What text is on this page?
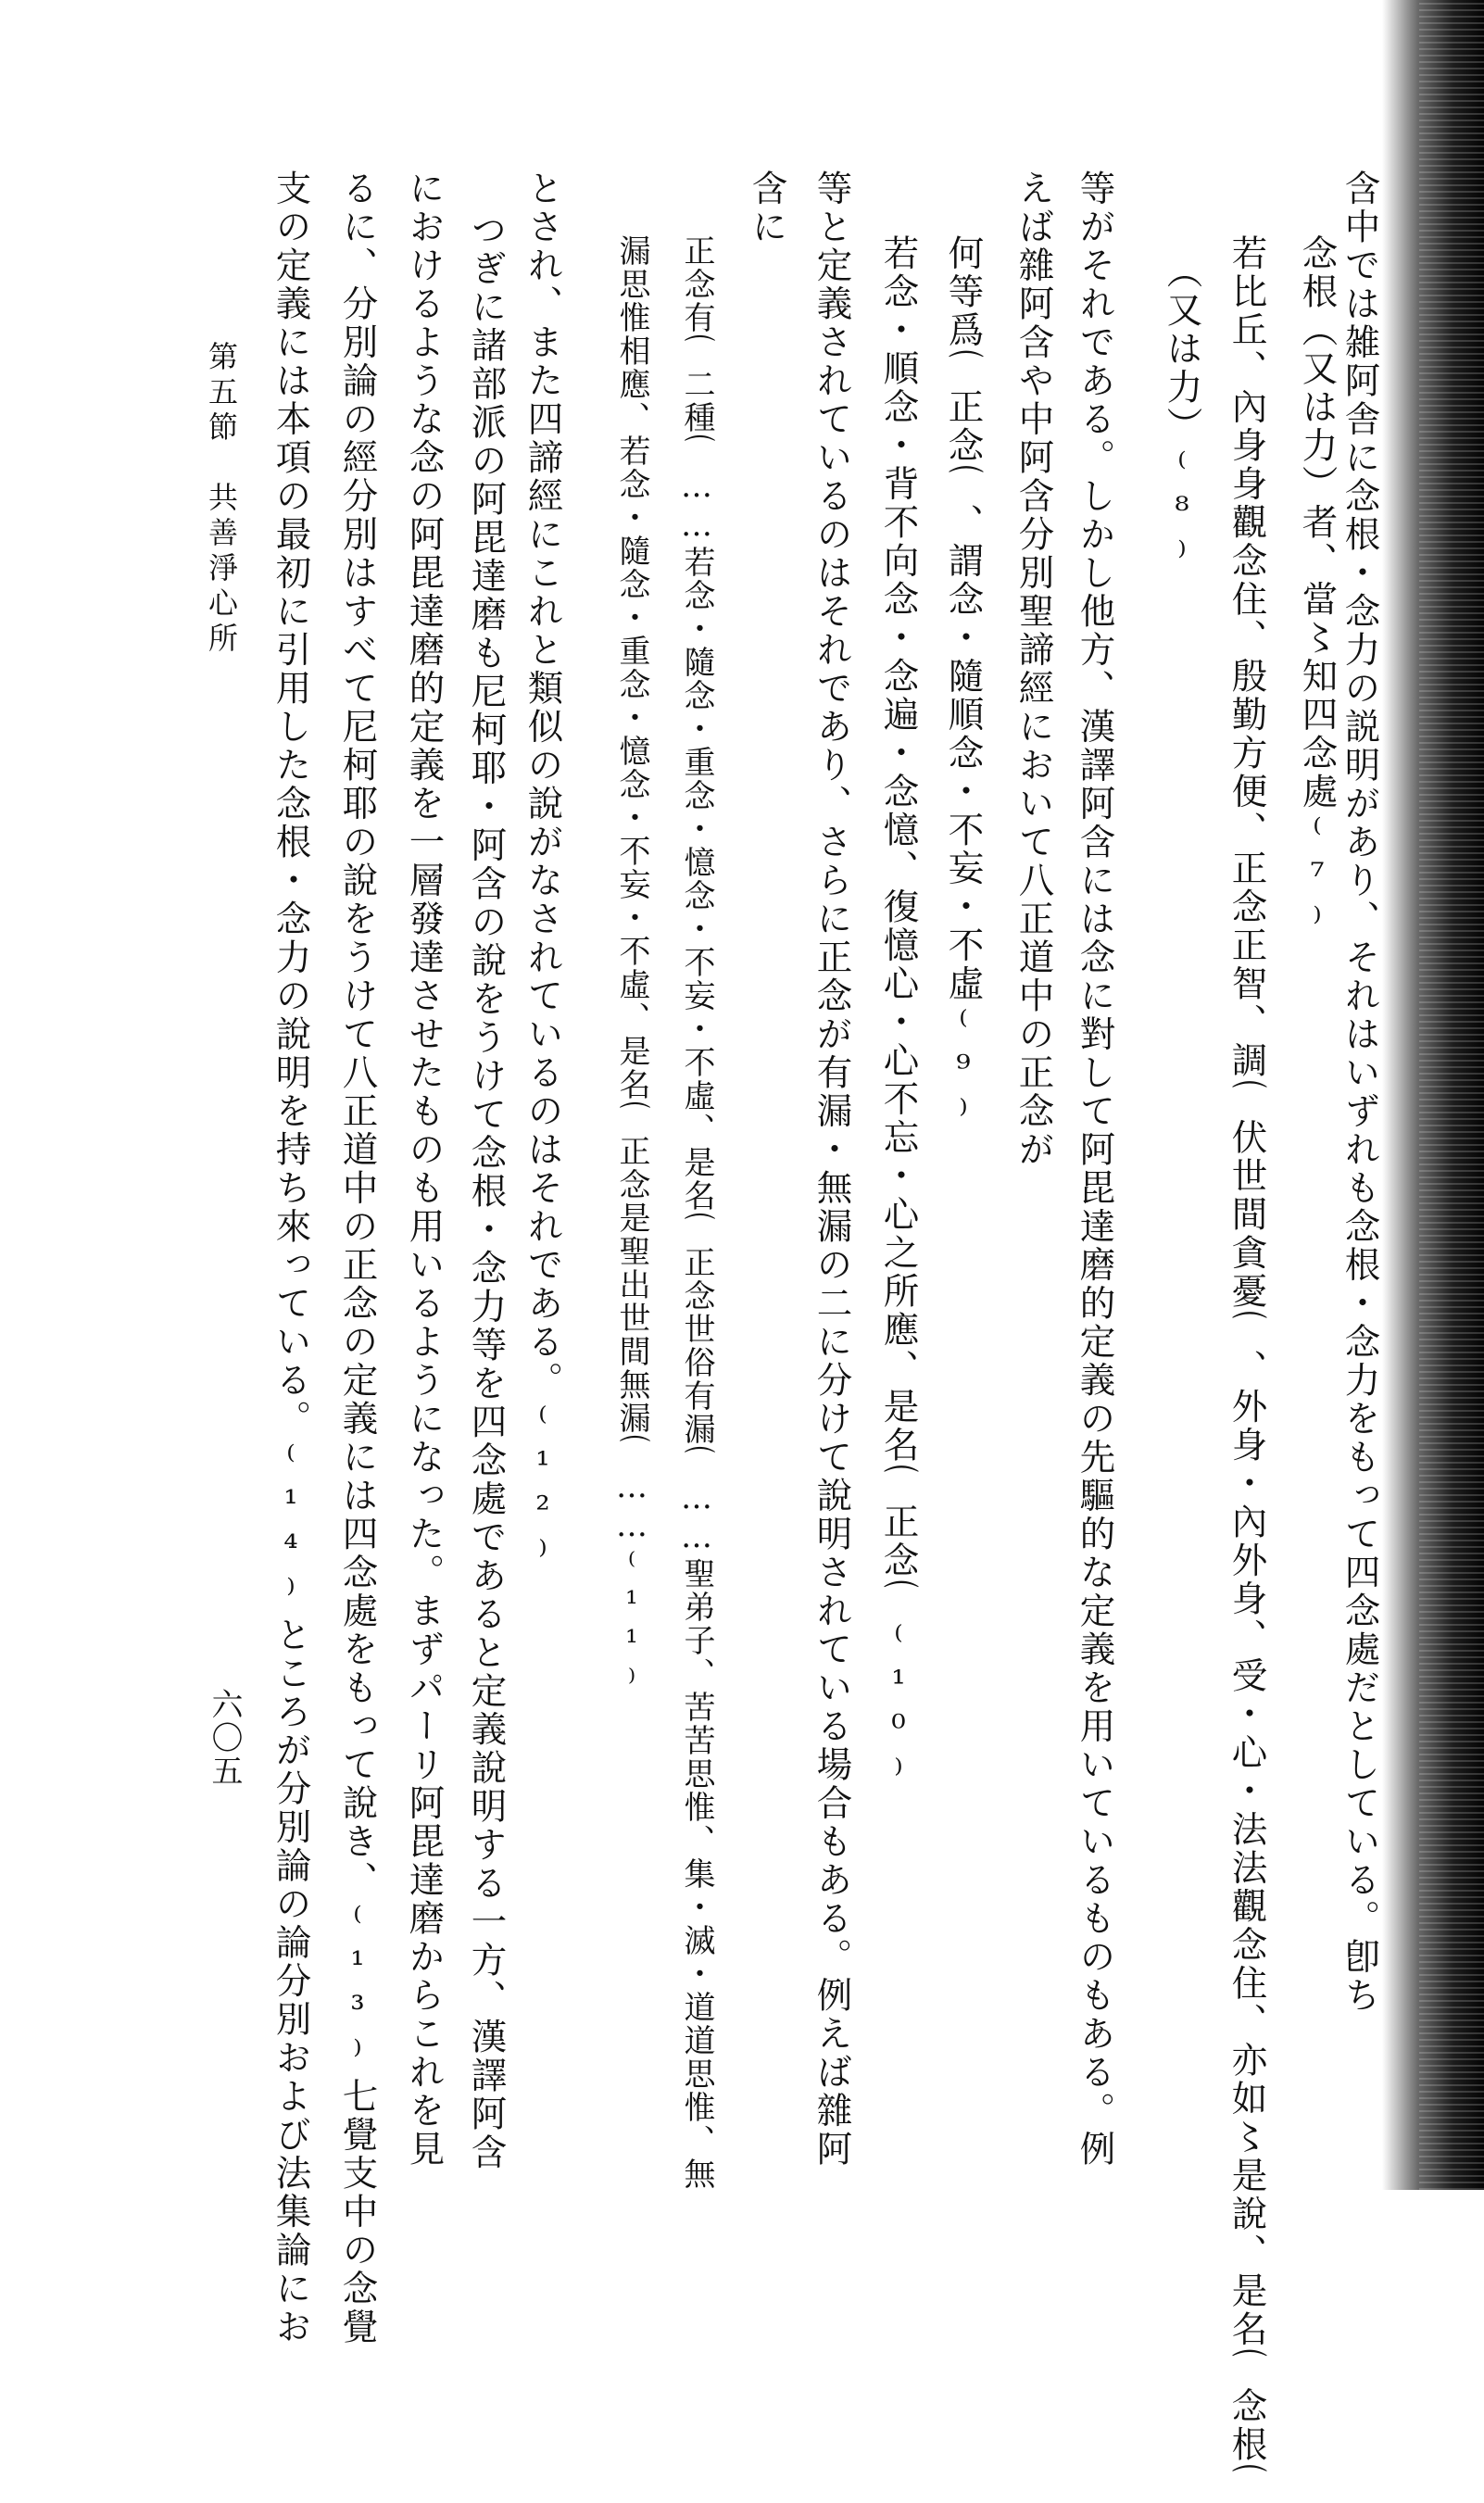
含中では雑阿舎に念根・念力の説明があり、それはいずれも念根・念力をもって四念處だとしている。卽ち
念根（又は力）者、當〻知四念處⁽⁷⁾
若比丘、內身身觀念住、殷勤方便、正念正智、調⌒伏世間貪憂⌒、外身・內外身、受・心・法法觀念住、亦如〻是說、是名⌒念根⌒
（又は力）⁽⁸⁾
等がそれである。しかし他方、漢譯阿含には念に對して阿毘達磨的定義の先驅的な定義を用いているものもある。例
えば雜阿含や中阿含分別聖諦經において八正道中の正念が
何等爲⌒正念⌒、謂念・隨順念・不妄・不虛⁽⁹⁾
若念・順念・背不向念・念遍・念憶、復憶心・心不忘・心之所應、是名⌒正念⌒⁽¹⁰⁾
等と定義されているのはそれであり、さらに正念が有漏・無漏の二に分けて說明されている場合もある。例えば雜阿
含に
正念有⌒二種⌒……若念・隨念・重念・憶念・不妄・不虛、是名⌒正念世俗有漏⌒……聖弟子、苦苦思惟、集・滅・道道思惟、無
漏思惟相應、若念・隨念・重念・憶念・不妄・不虛、是名⌒正念是聖出世間無漏⌒……⁽¹¹⁾
とされ、また四諦經にこれと類似の說がなされているのはそれである。⁽¹²⁾
つぎに諸部派の阿毘達磨も尼柯耶・阿含の說をうけて念根・念力等を四念處であると定義說明する一方、漢譯阿含
におけるような念の阿毘達磨的定義を一層發達させたものも用いるようになった。まずパーリ阿毘達磨からこれを見
るに、分別論の經分別はすべて尼柯耶の說をうけて八正道中の正念の定義には四念處をもって說き、⁽¹³⁾七覺支中の念覺
支の定義には本項の最初に引用した念根・念力の說明を持ち來っている。⁽¹⁴⁾ところが分別論の論分別および法集論にお
第五節　共善淨心所
六〇五
